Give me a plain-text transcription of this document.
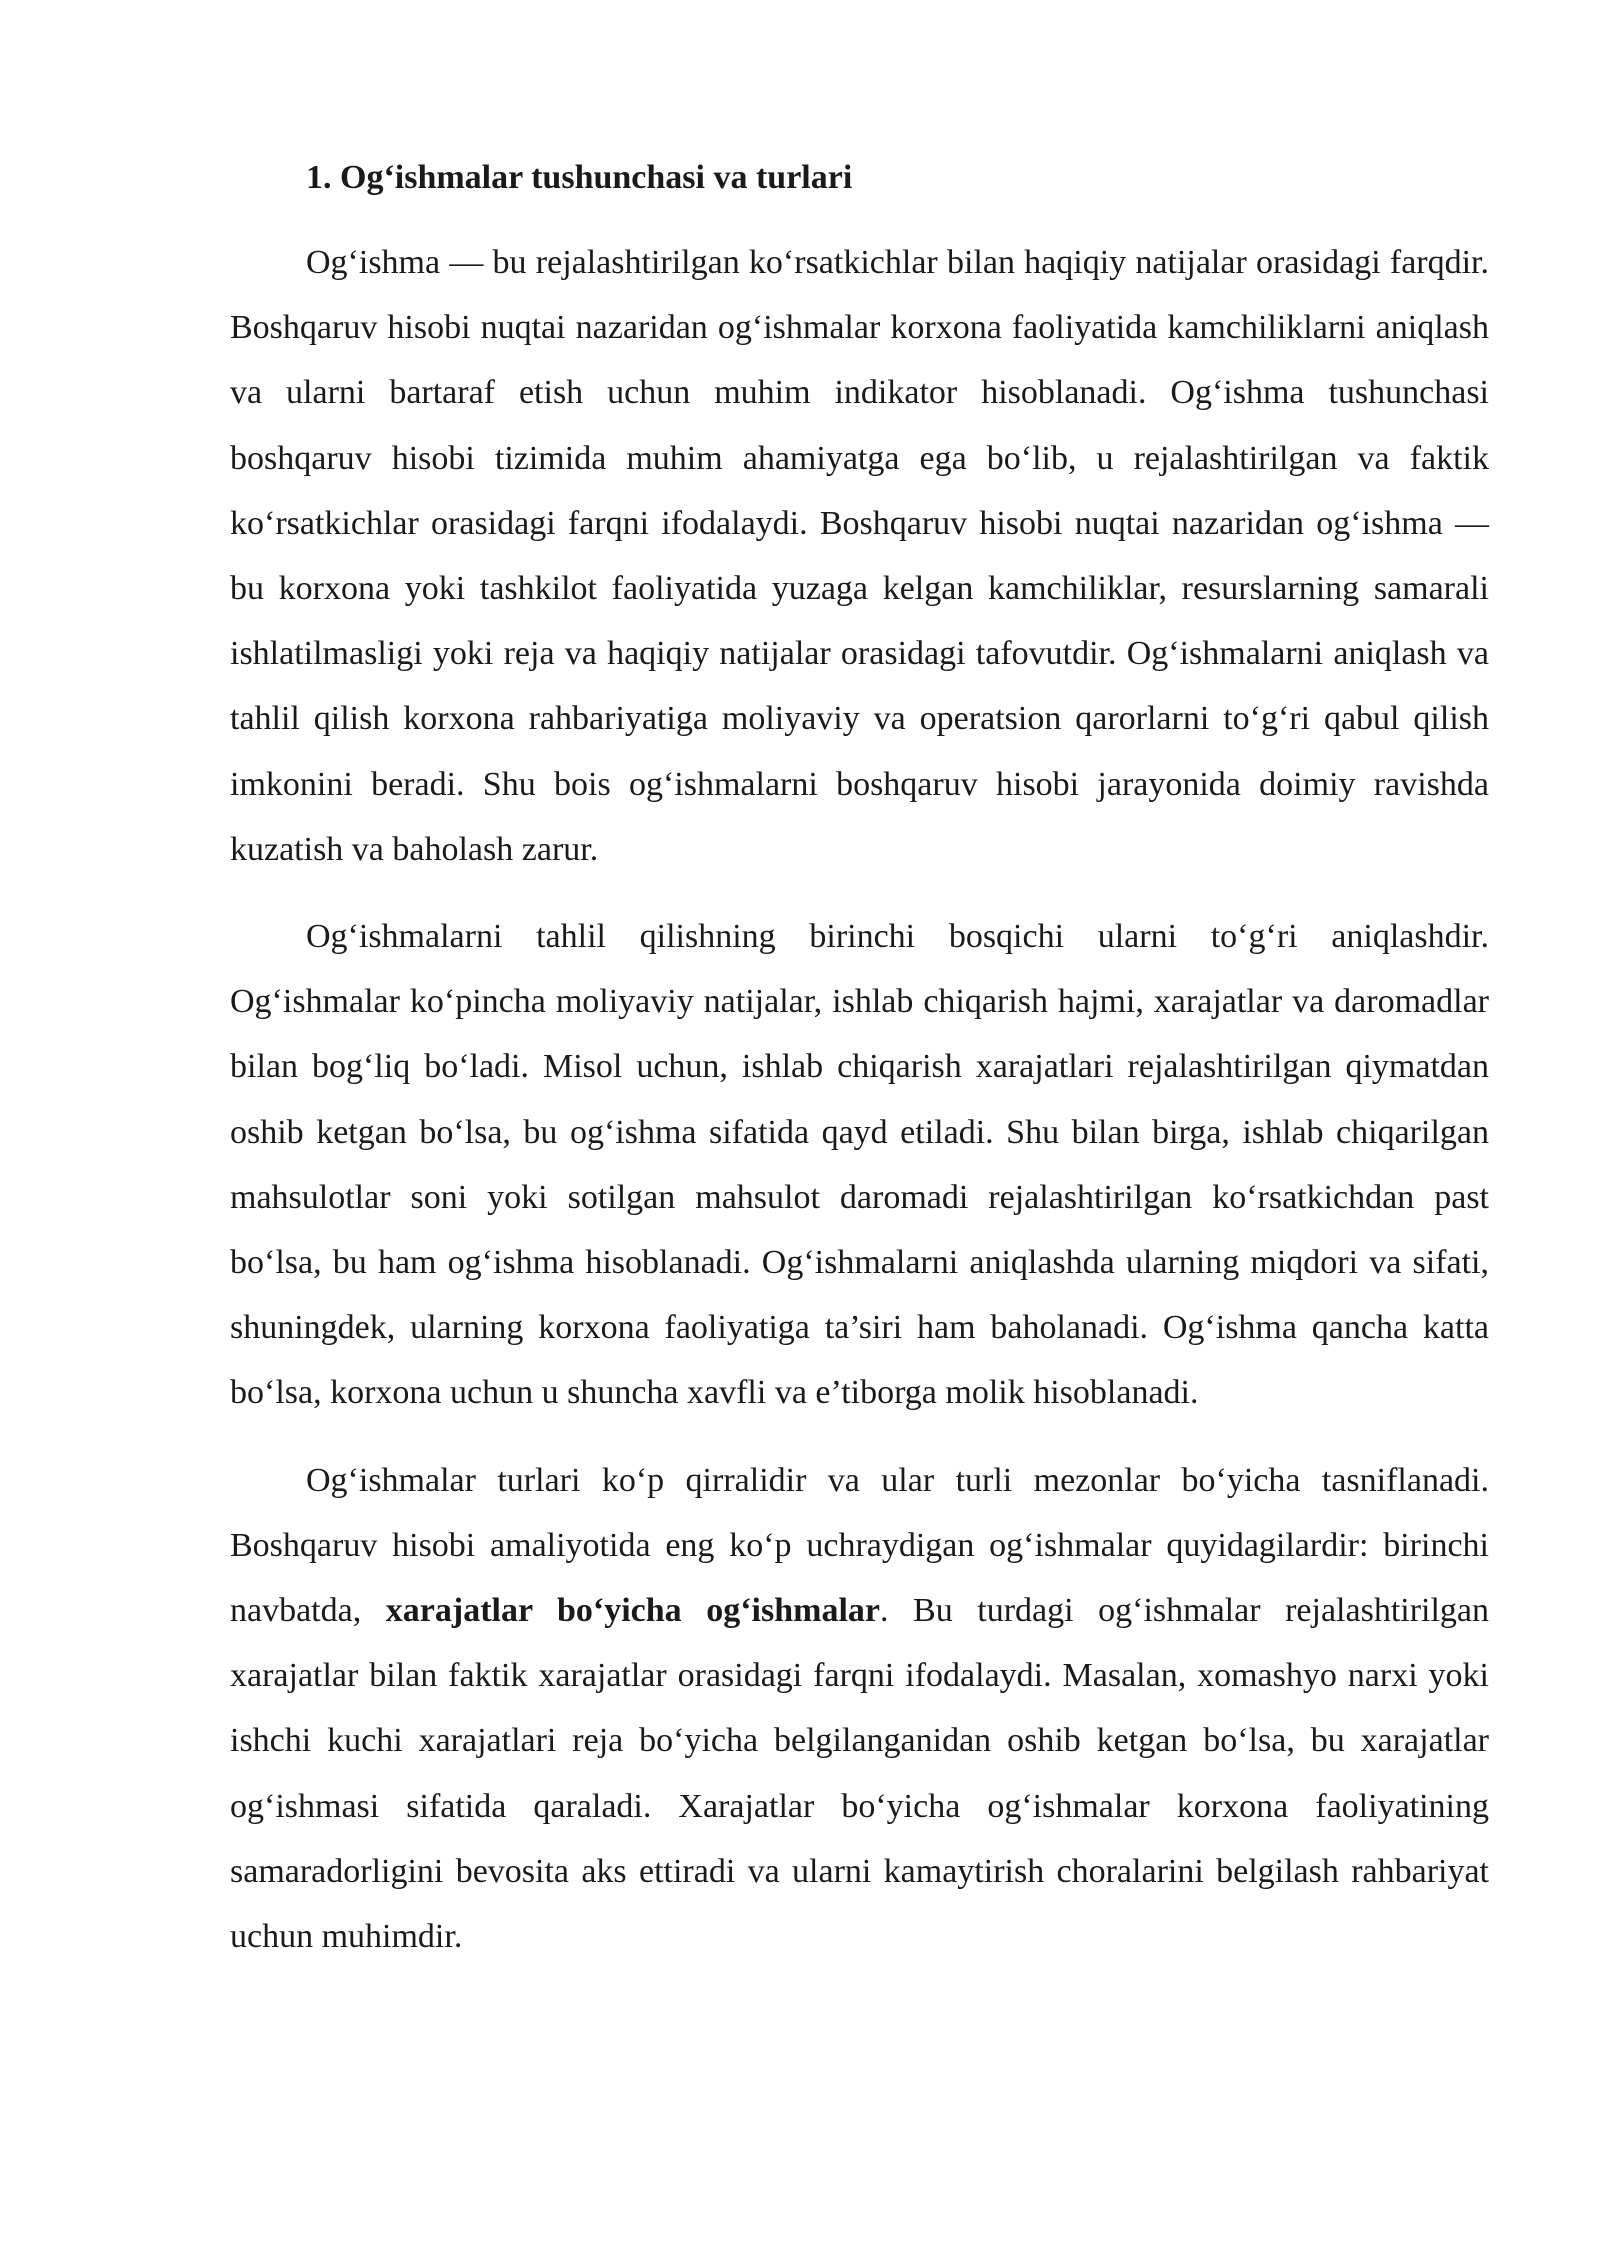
1. Og‘ishmalar tushunchasi va turlari

Og‘ishma — bu rejalashtirilgan ko‘rsatkichlar bilan haqiqiy natijalar orasidagi farqdir. Boshqaruv hisobi nuqtai nazaridan og‘ishmalar korxona faoliyatida kamchiliklarni aniqlash va ularni bartaraf etish uchun muhim indikator hisoblanadi. Og‘ishma tushunchasi boshqaruv hisobi tizimida muhim ahamiyatga ega bo‘lib, u rejalashtirilgan va faktik ko‘rsatkichlar orasidagi farqni ifodalaydi. Boshqaruv hisobi nuqtai nazaridan og‘ishma — bu korxona yoki tashkilot faoliyatida yuzaga kelgan kamchiliklar, resurslarning samarali ishlatilmasligi yoki reja va haqiqiy natijalar orasidagi tafovutdir. Og‘ishmalarni aniqlash va tahlil qilish korxona rahbariyatiga moliyaviy va operatsion qarorlarni to‘g‘ri qabul qilish imkonini beradi. Shu bois og‘ishmalarni boshqaruv hisobi jarayonida doimiy ravishda kuzatish va baholash zarur.

Og‘ishmalarni tahlil qilishning birinchi bosqichi ularni to‘g‘ri aniqlashdir. Og‘ishmalar ko‘pincha moliyaviy natijalar, ishlab chiqarish hajmi, xarajatlar va daromadlar bilan bog‘liq bo‘ladi. Misol uchun, ishlab chiqarish xarajatlari rejalashtirilgan qiymatdan oshib ketgan bo‘lsa, bu og‘ishma sifatida qayd etiladi. Shu bilan birga, ishlab chiqarilgan mahsulotlar soni yoki sotilgan mahsulot daromadi rejalashtirilgan ko‘rsatkichdan past bo‘lsa, bu ham og‘ishma hisoblanadi. Og‘ishmalarni aniqlashda ularning miqdori va sifati, shuningdek, ularning korxona faoliyatiga ta’siri ham baholanadi. Og‘ishma qancha katta bo‘lsa, korxona uchun u shuncha xavfli va e’tiborga molik hisoblanadi.

Og‘ishmalar turlari ko‘p qirralidir va ular turli mezonlar bo‘yicha tasniflanadi. Boshqaruv hisobi amaliyotida eng ko‘p uchraydigan og‘ishmalar quyidagilardir: birinchi navbatda, xarajatlar bo‘yicha og‘ishmalar. Bu turdagi og‘ishmalar rejalashtirilgan xarajatlar bilan faktik xarajatlar orasidagi farqni ifodalaydi. Masalan, xomashyo narxi yoki ishchi kuchi xarajatlari reja bo‘yicha belgilanganidan oshib ketgan bo‘lsa, bu xarajatlar og‘ishmasi sifatida qaraladi. Xarajatlar bo‘yicha og‘ishmalar korxona faoliyatining samaradorligini bevosita aks ettiradi va ularni kamaytirish choralarini belgilash rahbariyat uchun muhimdir.
